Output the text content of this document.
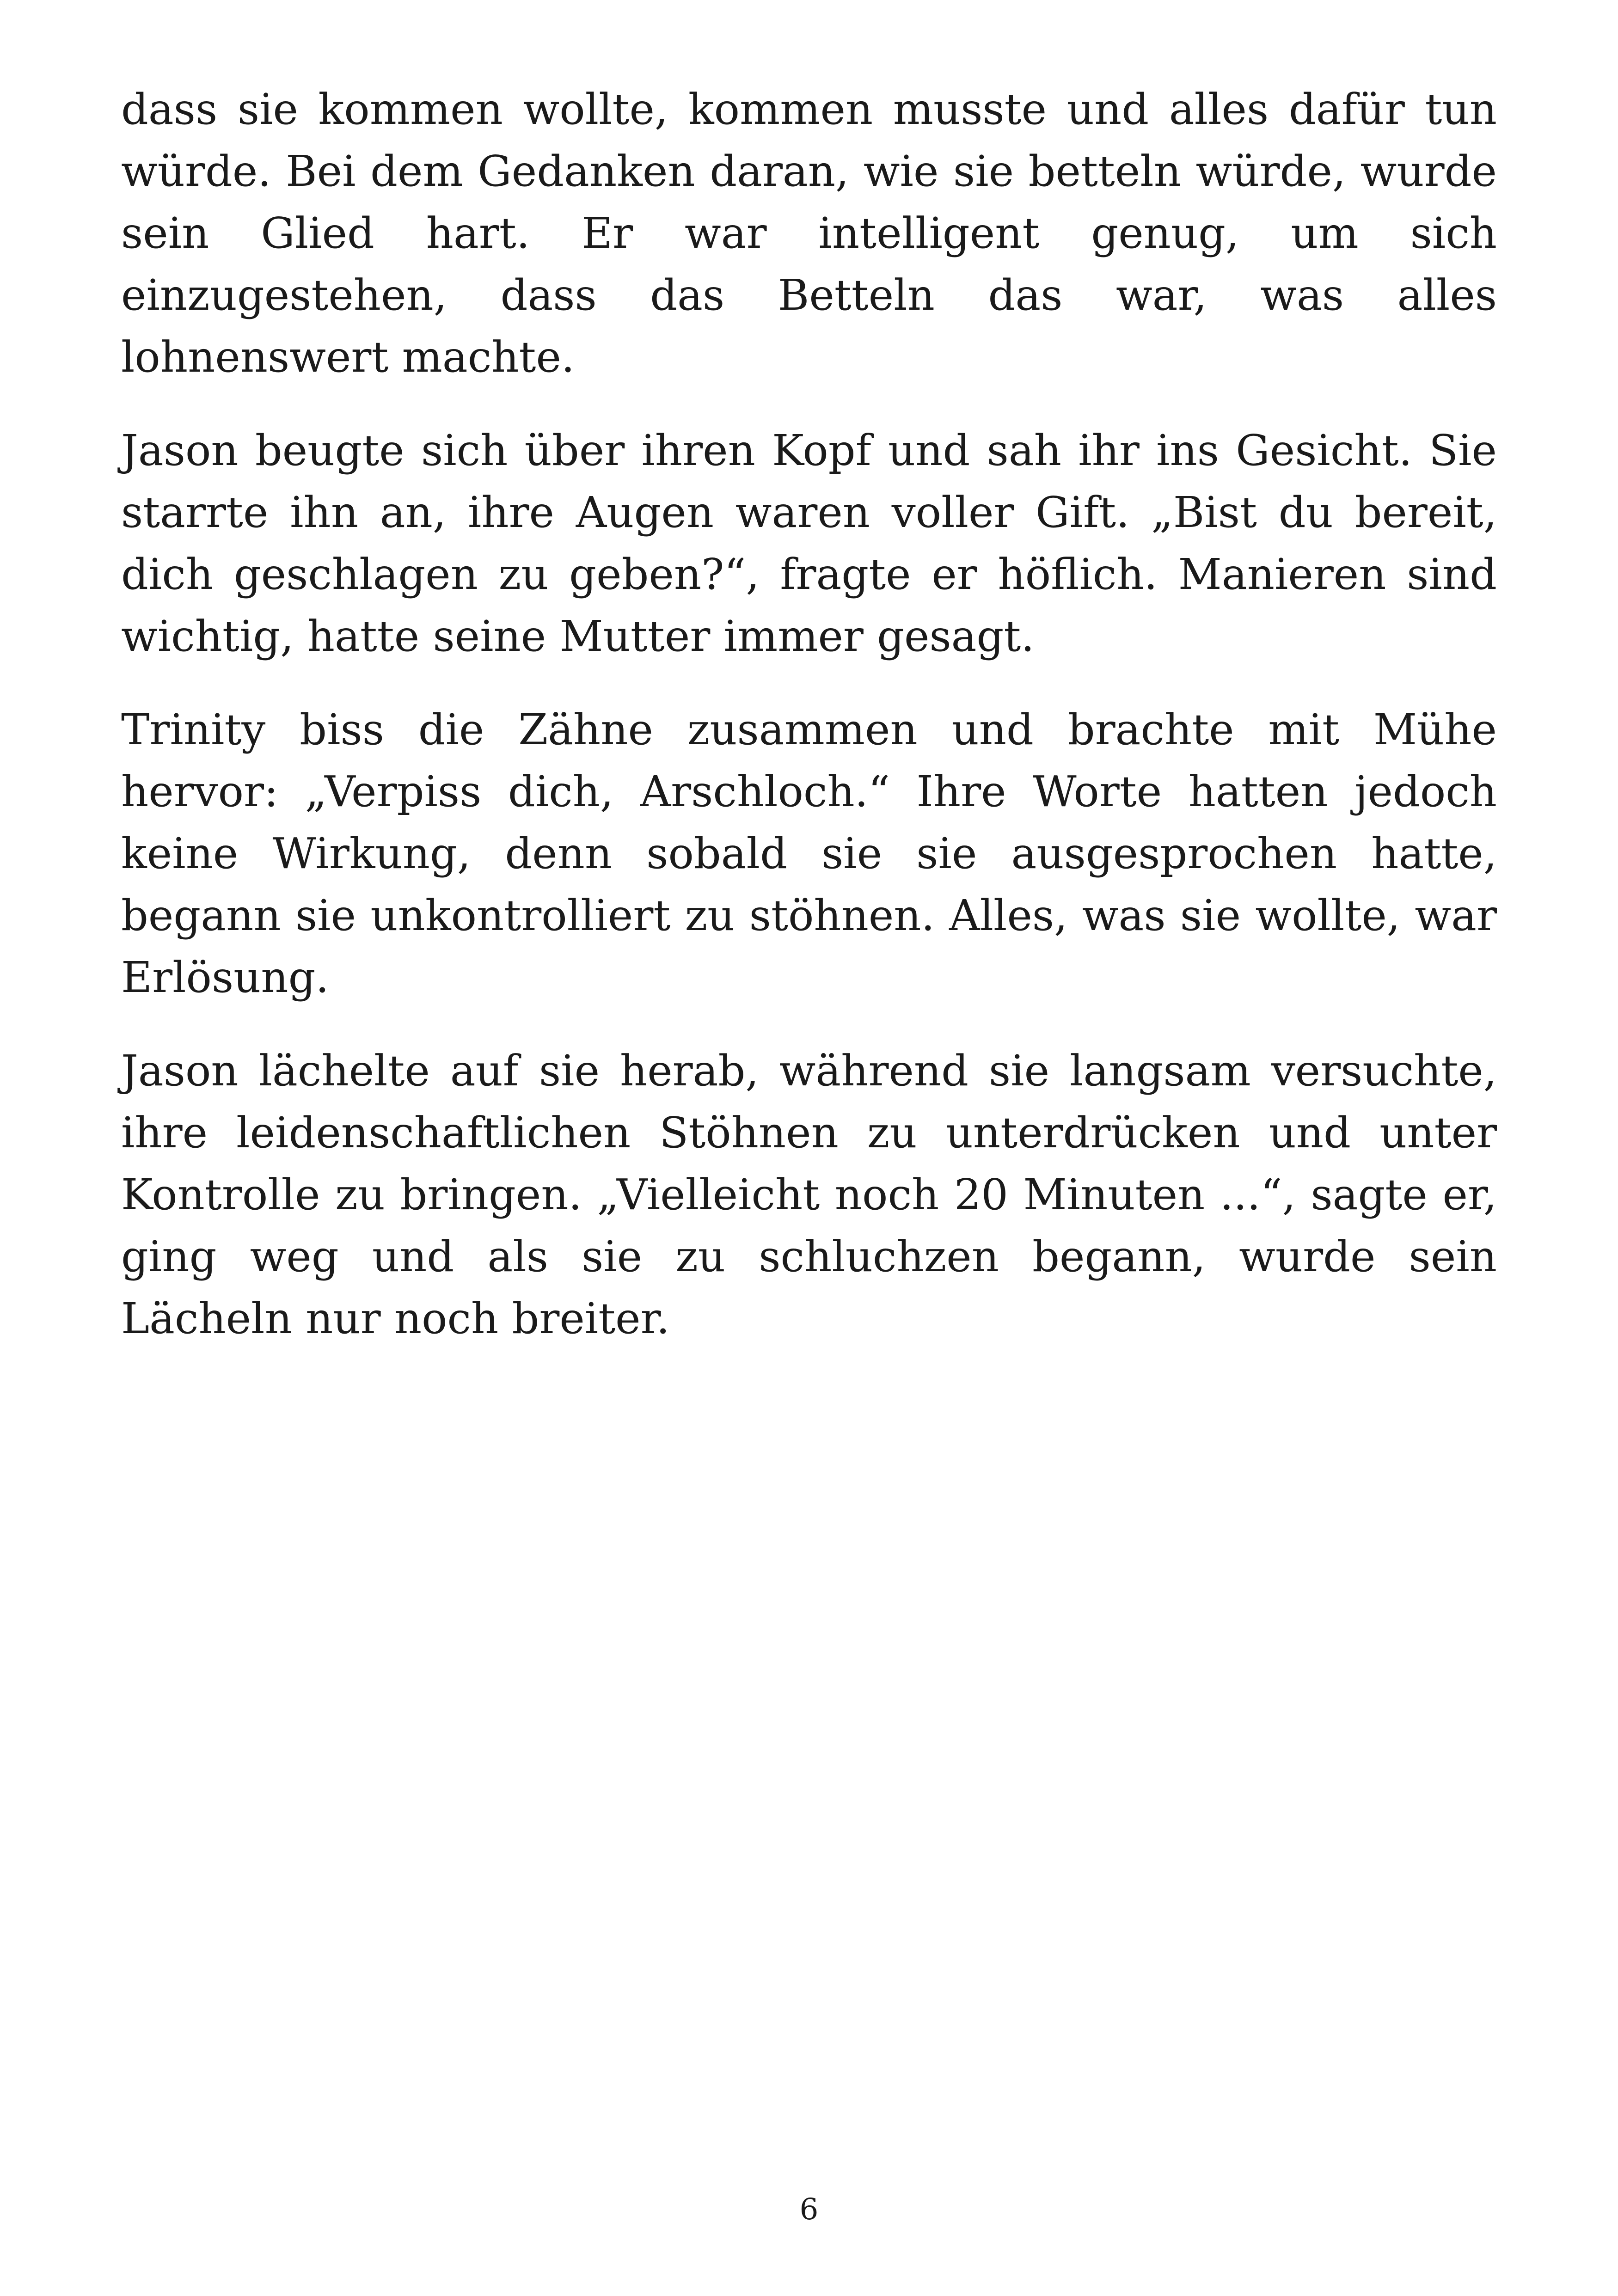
dass sie kommen wollte, kommen musste und alles dafür tun würde. Bei dem Gedanken daran, wie sie betteln würde, wurde sein Glied hart. Er war intelligent genug, um sich einzugestehen, dass das Betteln das war, was alles lohnenswert machte.

Jason beugte sich über ihren Kopf und sah ihr ins Gesicht. Sie starrte ihn an, ihre Augen waren voller Gift. „Bist du bereit, dich geschlagen zu geben?“, fragte er höflich. Manieren sind wichtig, hatte seine Mutter immer gesagt.

Trinity biss die Zähne zusammen und brachte mit Mühe hervor: „Verpiss dich, Arschloch.“ Ihre Worte hatten jedoch keine Wirkung, denn sobald sie sie ausgesprochen hatte, begann sie unkontrolliert zu stöhnen. Alles, was sie wollte, war Erlösung.

Jason lächelte auf sie herab, während sie langsam versuchte, ihre leidenschaftlichen Stöhnen zu unterdrücken und unter Kontrolle zu bringen. „Vielleicht noch 20 Minuten ...“, sagte er, ging weg und als sie zu schluchzen begann, wurde sein Lächeln nur noch breiter.

6
